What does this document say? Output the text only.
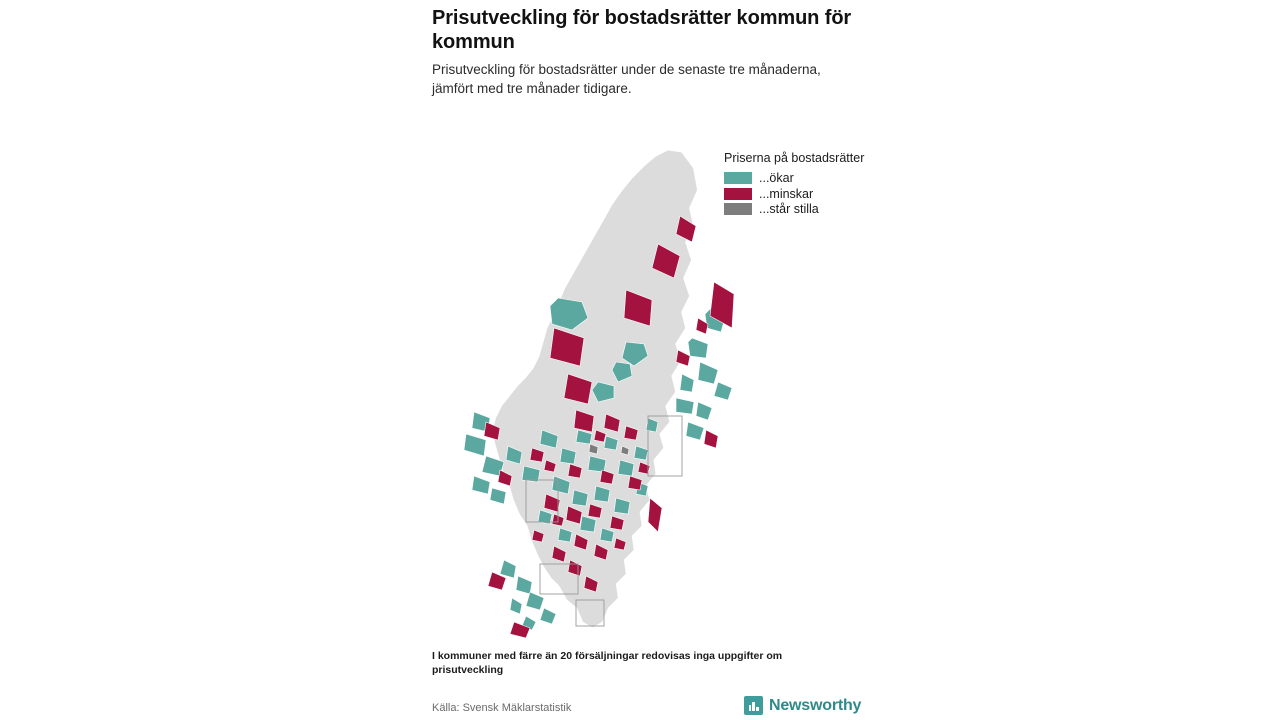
Prisutveckling för bostadsrätter kommun för kommun

Prisutveckling för bostadsrätter under de senaste tre månaderna, jämfört med tre månader tidigare.

Priserna på bostadsrätter
...ökar
...minskar
...står stilla
I kommuner med färre än 20 försäljningar redovisas inga uppgifter om prisutveckling
Källa: Svensk Mäklarstatistik	Newsworthy
